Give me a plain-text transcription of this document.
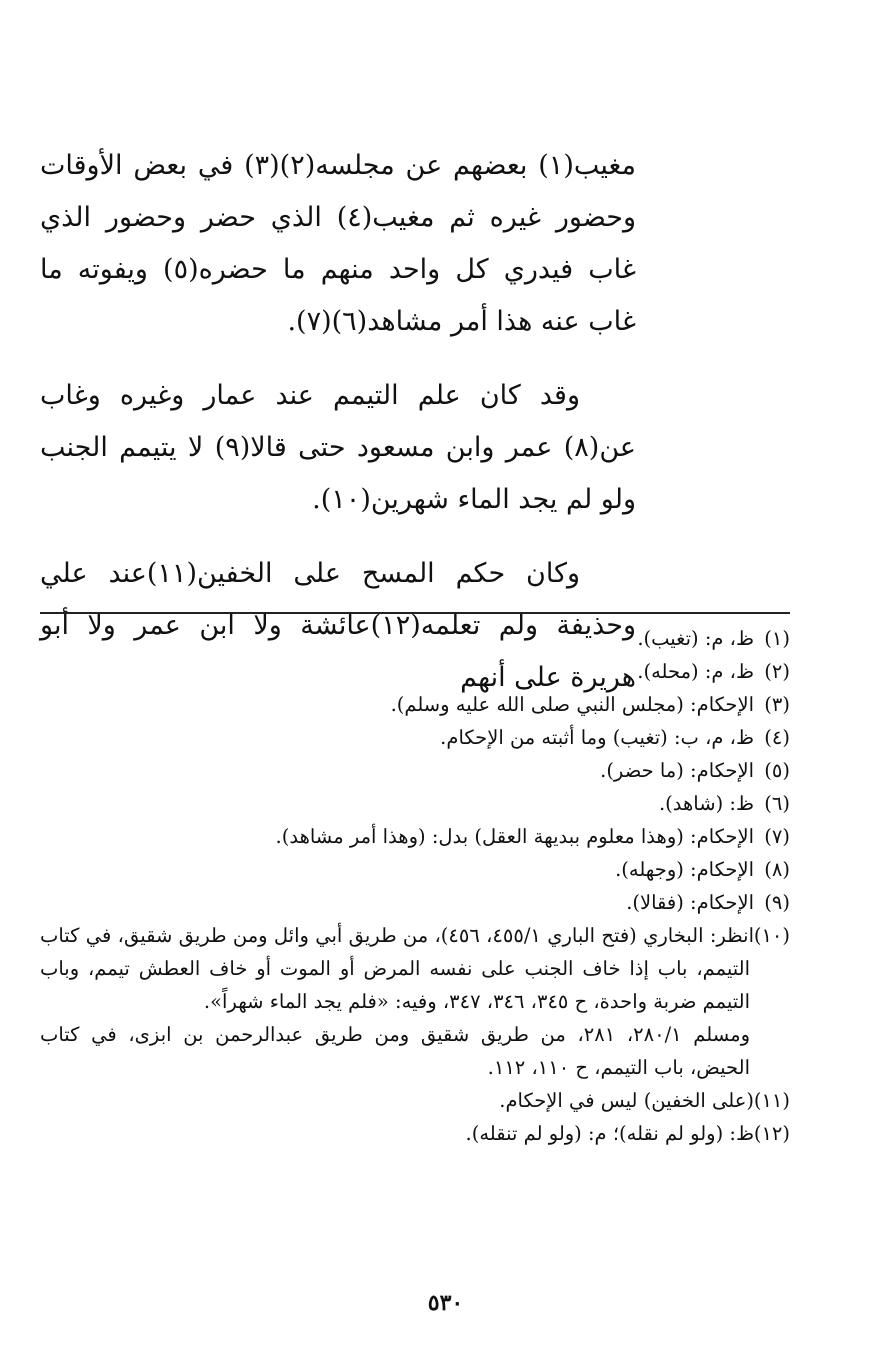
مغيب(١) بعضهم عن مجلسه(٢)(٣) في بعض الأوقات وحضور غيره ثم مغيب(٤) الذي حضر وحضور الذي غاب فيدري كل واحد منهم ما حضره(٥) ويفوته ما غاب عنه هذا أمر مشاهد(٦)(٧).

وقد كان علم التيمم عند عمار وغيره وغاب عن(٨) عمر وابن مسعود حتى قالا(٩) لا يتيمم الجنب ولو لم يجد الماء شهرين(١٠).

وكان حكم المسح على الخفين(١١)عند علي وحذيفة ولم تعلمه(١٢)عائشة ولا ابن عمر ولا أبو هريرة على أنهم

(١)ظ، م: (تغيب).
(٢)ظ، م: (محله).
(٣)الإحكام: (مجلس النبي صلى الله عليه وسلم).
(٤)ظ، م، ب: (تغيب) وما أثبته من الإحكام.
(٥)الإحكام: (ما حضر).
(٦)ظ: (شاهد).
(٧)الإحكام: (وهذا معلوم ببديهة العقل) بدل: (وهذا أمر مشاهد).
(٨)الإحكام: (وجهله).
(٩)الإحكام: (فقالا).
(١٠)انظر: البخاري (فتح الباري ٤٥٥/١، ٤٥٦)، من طريق أبي وائل ومن طريق شقيق، في كتاب التيمم، باب إذا خاف الجنب على نفسه المرض أو الموت أو خاف العطش تيمم، وباب التيمم ضربة واحدة، ح ٣٤٥، ٣٤٦، ٣٤٧، وفيه: «فلم يجد الماء شهراً».
ومسلم ٢٨٠/١، ٢٨١، من طريق شقيق ومن طريق عبدالرحمن بن ابزى، في كتاب الحيض، باب التيمم، ح ١١٠، ١١٢.
(١١)(على الخفين) ليس في الإحكام.
(١٢)ظ: (ولو لم نقله)؛ م: (ولو لم تنقله).
٥٣٠
